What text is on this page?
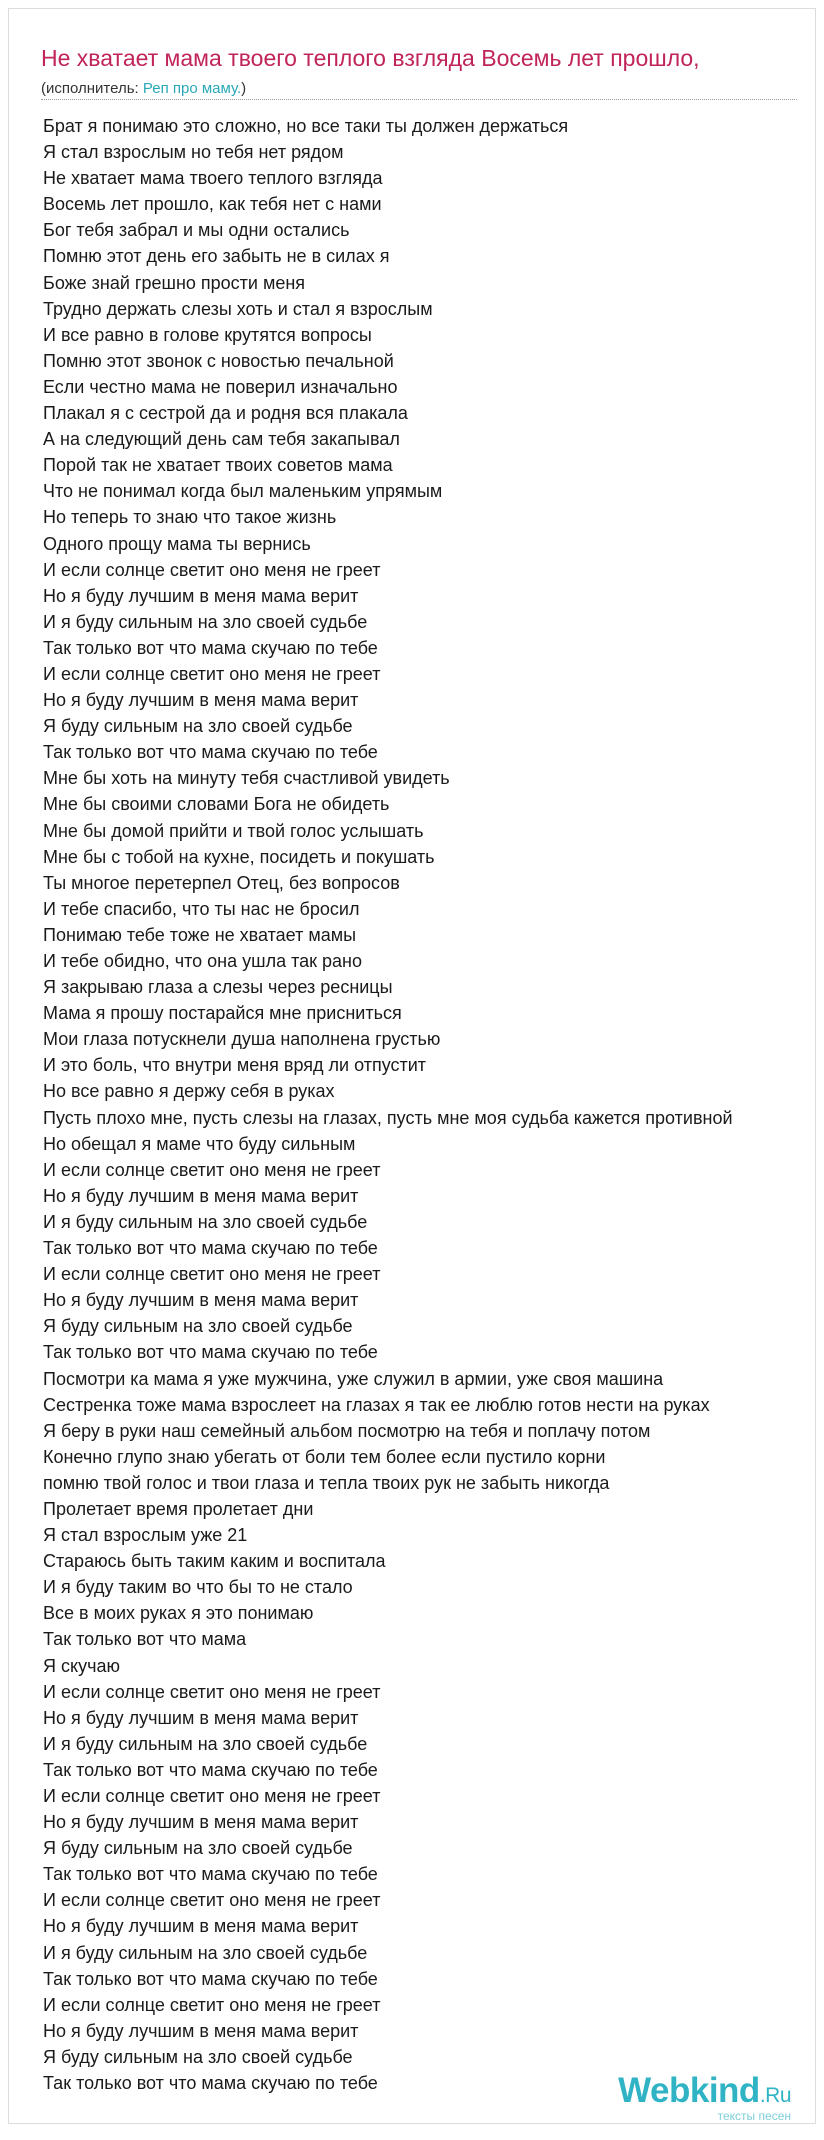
Не хватает мама твоего теплого взгляда Восемь лет прошло,
(исполнитель: Реп про маму.)
Брат я понимаю это сложно, но все таки ты должен держаться
Я стал взрослым но тебя нет рядом
Не хватает мама твоего теплого взгляда
Восемь лет прошло, как тебя нет с нами
Бог тебя забрал и мы одни остались
Помню этот день его забыть не в силах я
Боже знай грешно прости меня
Трудно держать слезы хоть и стал я взрослым
И все равно в голове крутятся вопросы
Помню этот звонок с новостью печальной
Если честно мама не поверил изначально
Плакал я с сестрой да и родня вся плакала
А на следующий день сам тебя закапывал
Порой так не хватает твоих советов мама
Что не понимал когда был маленьким упрямым
Но теперь то знаю что такое жизнь
Одного прощу мама ты вернись
И если солнце светит оно меня не греет
Но я буду лучшим в меня мама верит
И я буду сильным на зло своей судьбе
Так только вот что мама скучаю по тебе
И если солнце светит оно меня не греет
Но я буду лучшим в меня мама верит
Я буду сильным на зло своей судьбе
Так только вот что мама скучаю по тебе
Мне бы хоть на минуту тебя счастливой увидеть
Мне бы своими словами Бога не обидеть
Мне бы домой прийти и твой голос услышать
Мне бы с тобой на кухне, посидеть и покушать
Ты многое перетерпел Отец, без вопросов
И тебе спасибо, что ты нас не бросил
Понимаю тебе тоже не хватает мамы
И тебе обидно, что она ушла так рано
Я закрываю глаза а слезы через ресницы
Мама я прошу постарайся мне присниться
Мои глаза потускнели душа наполнена грустью
И это боль, что внутри меня вряд ли отпустит
Но все равно я держу себя в руках
Пусть плохо мне, пусть слезы на глазах, пусть мне моя судьба кажется противной
Но обещал я маме что буду сильным
И если солнце светит оно меня не греет
Но я буду лучшим в меня мама верит
И я буду сильным на зло своей судьбе
Так только вот что мама скучаю по тебе
И если солнце светит оно меня не греет
Но я буду лучшим в меня мама верит
Я буду сильным на зло своей судьбе
Так только вот что мама скучаю по тебе
Посмотри ка мама я уже мужчина, уже служил в армии, уже своя машина
Сестренка тоже мама взрослеет на глазах я так ее люблю готов нести на руках
Я беру в руки наш семейный альбом посмотрю на тебя и поплачу потом
Конечно глупо знаю убегать от боли тем более если пустило корни
помню твой голос и твои глаза и тепла твоих рук не забыть никогда
Пролетает время пролетает дни
Я стал взрослым уже 21
Стараюсь быть таким каким и воспитала
И я буду таким во что бы то не стало
Все в моих руках я это понимаю
Так только вот что мама
Я скучаю
И если солнце светит оно меня не греет
Но я буду лучшим в меня мама верит
И я буду сильным на зло своей судьбе
Так только вот что мама скучаю по тебе
И если солнце светит оно меня не греет
Но я буду лучшим в меня мама верит
Я буду сильным на зло своей судьбе
Так только вот что мама скучаю по тебе
И если солнце светит оно меня не греет
Но я буду лучшим в меня мама верит
И я буду сильным на зло своей судьбе
Так только вот что мама скучаю по тебе
И если солнце светит оно меня не греет
Но я буду лучшим в меня мама верит
Я буду сильным на зло своей судьбе
Так только вот что мама скучаю по тебе	Webkind.Ru
тексты песен
